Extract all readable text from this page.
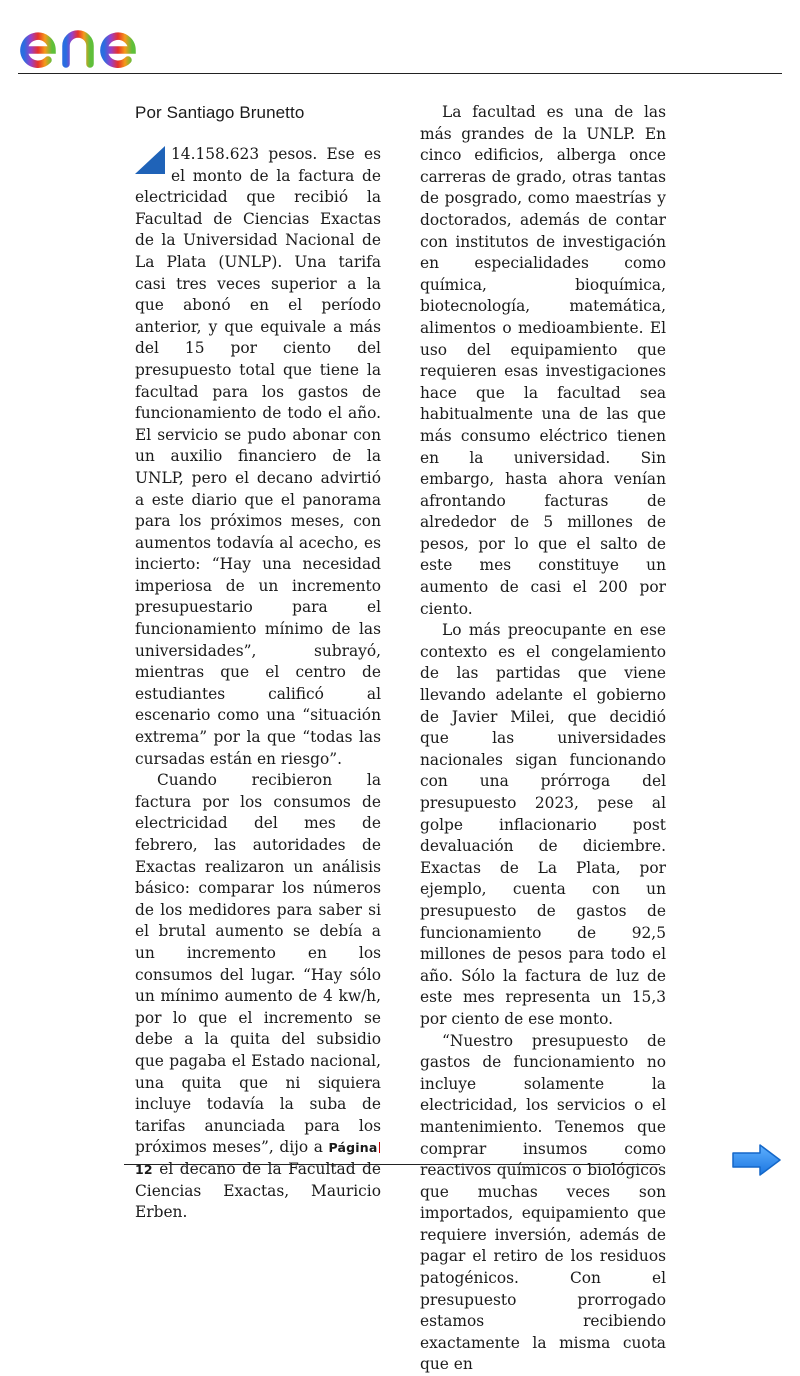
Por Santiago Brunetto

14.158.623 pesos. Ese es el monto de la factura de electricidad que recibió la Facultad de Ciencias Exactas de la Universidad Nacional de La Plata (UNLP). Una tarifa casi tres veces superior a la que abonó en el período anterior, y que equivale a más del 15 por ciento del presupuesto total que tiene la facultad para los gastos de funcionamiento de todo el año. El servicio se pudo abonar con un auxilio financiero de la UNLP, pero el decano advirtió a este diario que el panorama para los próximos meses, con aumentos todavía al acecho, es incierto: “Hay una necesidad imperiosa de un incremento presupuestario para el funcionamiento mínimo de las universidades”, subrayó, mientras que el centro de estudiantes calificó al escenario como una “situación extrema” por la que “todas las cursadas están en riesgo”.

Cuando recibieron la factura por los consumos de electricidad del mes de febrero, las autoridades de Exactas realizaron un análisis básico: comparar los números de los medidores para saber si el brutal aumento se debía a un incremento en los consumos del lugar. “Hay sólo un mínimo aumento de 4 kw/h, por lo que el incremento se debe a la quita del subsidio que pagaba el Estado nacional, una quita que ni siquiera incluye todavía la suba de tarifas anunciada para los próximos meses”, dijo a Página12 el decano de la Facultad de Ciencias Exactas, Mauricio Erben.

La facultad es una de las más grandes de la UNLP. En cinco edificios, alberga once carreras de grado, otras tantas de posgrado, como maestrías y doctorados, además de contar con institutos de investigación en especialidades como química, bioquímica, biotecnología, matemática, alimentos o medioambiente. El uso del equipamiento que requieren esas investigaciones hace que la facultad sea habitualmente una de las que más consumo eléctrico tienen en la universidad. Sin embargo, hasta ahora venían afrontando facturas de alrededor de 5 millones de pesos, por lo que el salto de este mes constituye un aumento de casi el 200 por ciento.

Lo más preocupante en ese contexto es el congelamiento de las partidas que viene llevando adelante el gobierno de Javier Milei, que decidió que las universidades nacionales sigan funcionando con una prórroga del presupuesto 2023, pese al golpe inflacionario post devaluación de diciembre. Exactas de La Plata, por ejemplo, cuenta con un presupuesto de gastos de funcionamiento de 92,5 millones de pesos para todo el año. Sólo la factura de luz de este mes representa un 15,3 por ciento de ese monto.

“Nuestro presupuesto de gastos de funcionamiento no incluye solamente la electricidad, los servicios o el mantenimiento. Tenemos que comprar insumos como reactivos químicos o biológicos que muchas veces son importados, equipamiento que requiere inversión, además de pagar el retiro de los residuos patogénicos. Con el presupuesto prorrogado estamos recibiendo exactamente la misma cuota que en
